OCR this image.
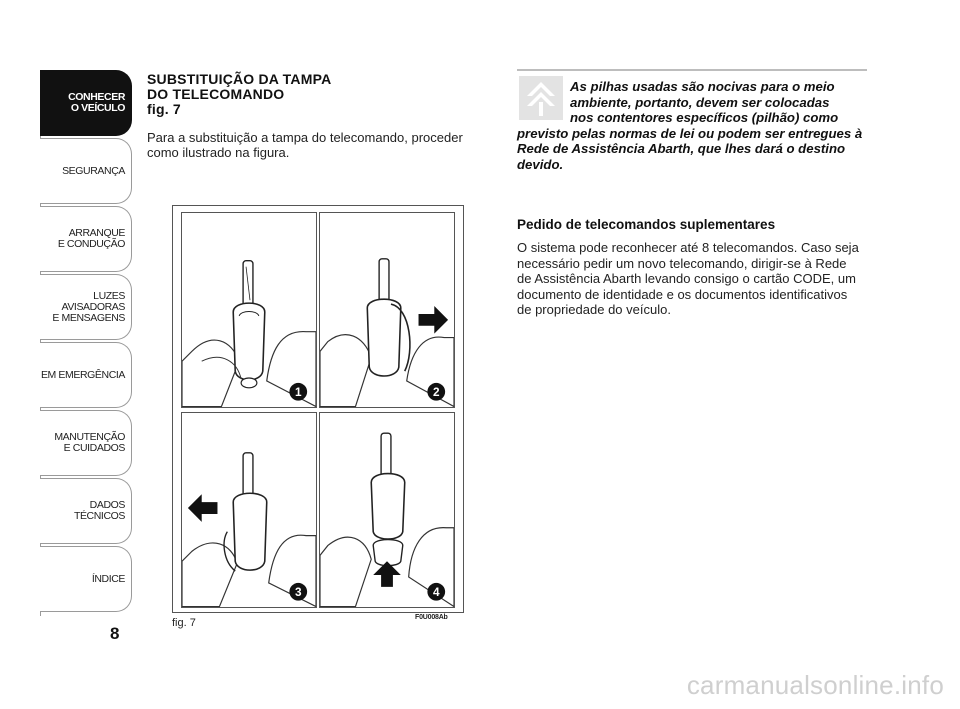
CONHECER
O VEÍCULO
SEGURANÇA
ARRANQUE
E CONDUÇÃO
LUZES
AVISADORAS
E MENSAGENS
EM EMERGÊNCIA
MANUTENÇÃO
E CUIDADOS
DADOS
TÉCNICOS
ÍNDICE
8
SUBSTITUIÇÃO DA TAMPA
DO TELECOMANDO
fig. 7
Para a substituição a tampa do telecomando, proceder como ilustrado na figura.
1	2
3	4
fig. 7	F0U008Ab
As pilhas usadas são nocivas para o meio
ambiente, portanto, devem ser colocadas
nos contentores específicos (pilhão) como
previsto pelas normas de lei ou podem ser entregues à Rede de Assistência Abarth, que lhes dará o destino devido.
Pedido de telecomandos suplementares
O sistema pode reconhecer até 8 telecomandos. Caso seja necessário pedir um novo telecomando, dirigir-se à Rede de Assistência Abarth levando consigo o cartão CODE, um documento de identidade e os documentos identificativos de propriedade do veículo.
carmanualsonline.info
